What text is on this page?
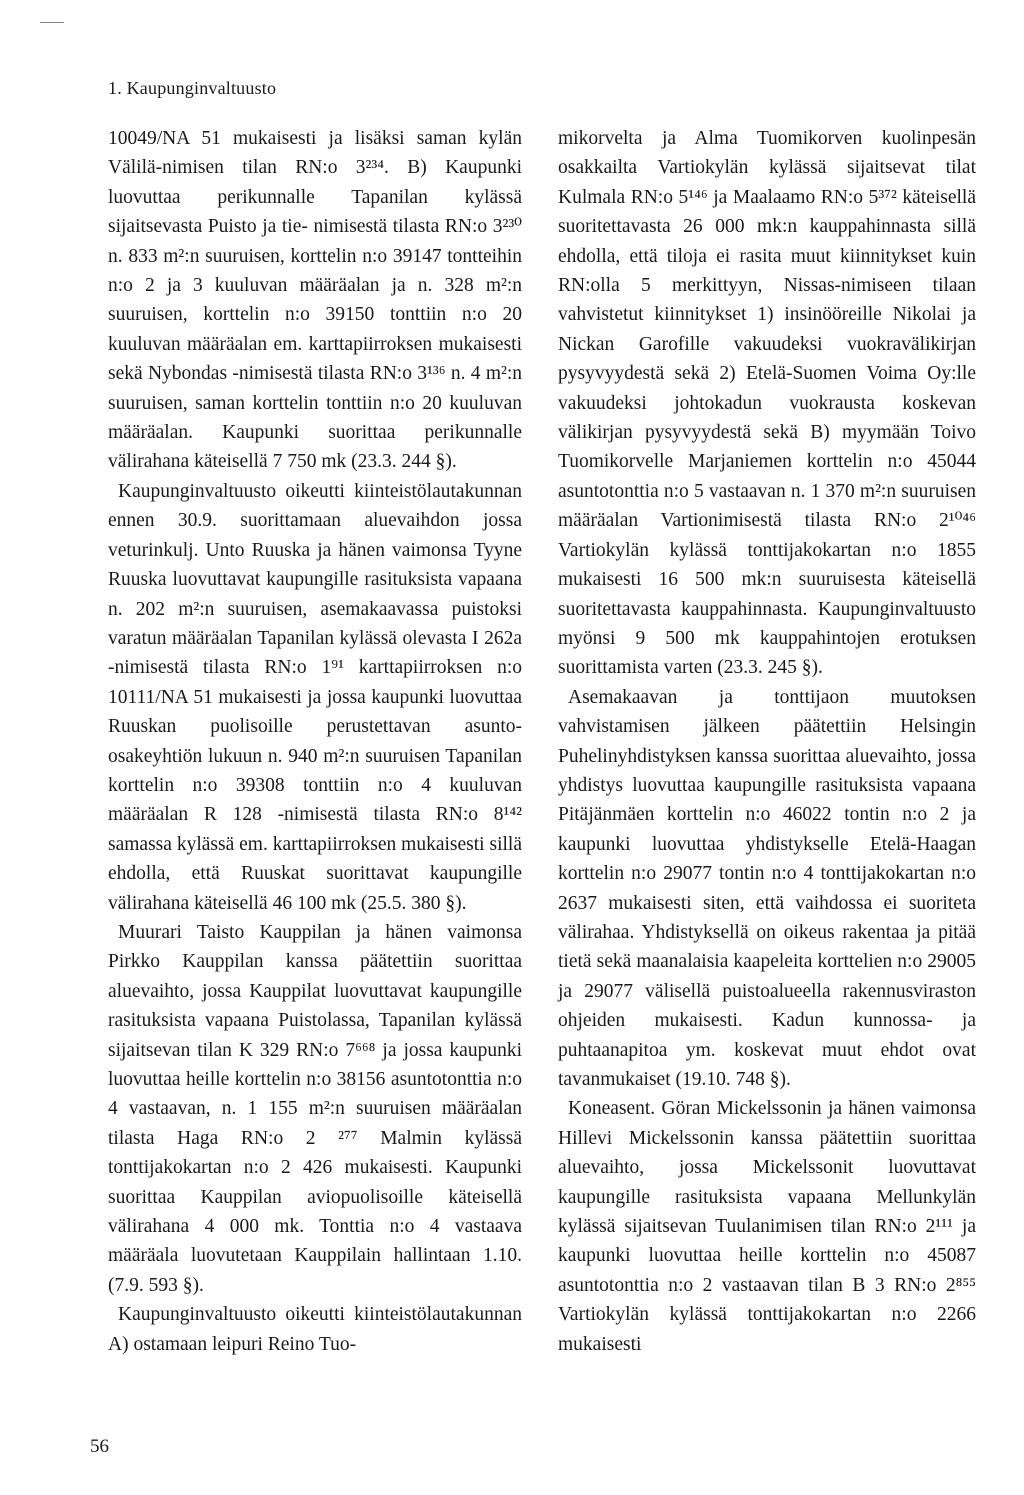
1. Kaupunginvaltuusto

10049/NA 51 mukaisesti ja lisäksi saman kylän Välilä-nimisen tilan RN:o 3²³⁴. B) Kaupunki luovuttaa perikunnalle Tapanilan kylässä sijaitsevasta Puisto ja tie- nimisestä tilasta RN:o 3²³⁰ n. 833 m²:n suuruisen, korttelin n:o 39147 tontteihin n:o 2 ja 3 kuuluvan määräalan ja n. 328 m²:n suuruisen, korttelin n:o 39150 tonttiin n:o 20 kuuluvan määräalan em. karttapiirroksen mukaisesti sekä Nybondas -nimisestä tilasta RN:o 3¹³⁶ n. 4 m²:n suuruisen, saman korttelin tonttiin n:o 20 kuuluvan määräalan. Kaupunki suorittaa perikunnalle välirahana käteisellä 7 750 mk (23.3. 244 §).

Kaupunginvaltuusto oikeutti kiinteistölautakunnan ennen 30.9. suorittamaan aluevaihdon jossa veturinkulj. Unto Ruuska ja hänen vaimonsa Tyyne Ruuska luovuttavat kaupungille rasituksista vapaana n. 202 m²:n suuruisen, asemakaavassa puistoksi varatun määräalan Tapanilan kylässä olevasta I 262a -nimisestä tilasta RN:o 1⁹¹ karttapiirroksen n:o 10111/NA 51 mukaisesti ja jossa kaupunki luovuttaa Ruuskan puolisoille perustettavan asunto-osakeyhtiön lukuun n. 940 m²:n suuruisen Tapanilan korttelin n:o 39308 tonttiin n:o 4 kuuluvan määräalan R 128 -nimisestä tilasta RN:o 8¹⁴² samassa kylässä em. karttapiirroksen mukaisesti sillä ehdolla, että Ruuskat suorittavat kaupungille välirahana käteisellä 46 100 mk (25.5. 380 §).

Muurari Taisto Kauppilan ja hänen vaimonsa Pirkko Kauppilan kanssa päätettiin suorittaa aluevaihto, jossa Kauppilat luovuttavat kaupungille rasituksista vapaana Puistolassa, Tapanilan kylässä sijaitsevan tilan K 329 RN:o 7⁶⁶⁸ ja jossa kaupunki luovuttaa heille korttelin n:o 38156 asuntotonttia n:o 4 vastaavan, n. 1 155 m²:n suuruisen määräalan tilasta Haga RN:o 2 ²⁷⁷ Malmin kylässä tonttijakokartan n:o 2 426 mukaisesti. Kaupunki suorittaa Kauppilan aviopuolisoille käteisellä välirahana 4 000 mk. Tonttia n:o 4 vastaava määräala luovutetaan Kauppilain hallintaan 1.10. (7.9. 593 §).

Kaupunginvaltuusto oikeutti kiinteistölautakunnan A) ostamaan leipuri Reino Tuo-

mikorvelta ja Alma Tuomikorven kuolinpesän osakkailta Vartiokylän kylässä sijaitsevat tilat Kulmala RN:o 5¹⁴⁶ ja Maalaamo RN:o 5³⁷² käteisellä suoritettavasta 26 000 mk:n kauppahinnasta sillä ehdolla, että tiloja ei rasita muut kiinnitykset kuin RN:olla 5 merkittyyn, Nissas-nimiseen tilaan vahvistetut kiinnitykset 1) insinööreille Nikolai ja Nickan Garofille vakuudeksi vuokravälikirjan pysyvyydestä sekä 2) Etelä-Suomen Voima Oy:lle vakuudeksi johtokadun vuokrausta koskevan välikirjan pysyvyydestä sekä B) myymään Toivo Tuomikorvelle Marjaniemen korttelin n:o 45044 asuntotonttia n:o 5 vastaavan n. 1 370 m²:n suuruisen määräalan Vartionimisestä tilasta RN:o 2¹⁰⁴⁶ Vartiokylän kylässä tonttijakokartan n:o 1855 mukaisesti 16 500 mk:n suuruisesta käteisellä suoritettavasta kauppahinnasta. Kaupunginvaltuusto myönsi 9 500 mk kauppahintojen erotuksen suorittamista varten (23.3. 245 §).

Asemakaavan ja tonttijaon muutoksen vahvistamisen jälkeen päätettiin Helsingin Puhelinyhdistyksen kanssa suorittaa aluevaihto, jossa yhdistys luovuttaa kaupungille rasituksista vapaana Pitäjänmäen korttelin n:o 46022 tontin n:o 2 ja kaupunki luovuttaa yhdistykselle Etelä-Haagan korttelin n:o 29077 tontin n:o 4 tonttijakokartan n:o 2637 mukaisesti siten, että vaihdossa ei suoriteta välirahaa. Yhdistyksellä on oikeus rakentaa ja pitää tietä sekä maanalaisia kaapeleita korttelien n:o 29005 ja 29077 välisellä puistoalueella rakennusviraston ohjeiden mukaisesti. Kadun kunnossa- ja puhtaanapitoa ym. koskevat muut ehdot ovat tavanmukaiset (19.10. 748 §).

Koneasent. Göran Mickelssonin ja hänen vaimonsa Hillevi Mickelssonin kanssa päätettiin suorittaa aluevaihto, jossa Mickelssonit luovuttavat kaupungille rasituksista vapaana Mellunkylän kylässä sijaitsevan Tuulanimisen tilan RN:o 2¹¹¹ ja kaupunki luovuttaa heille korttelin n:o 45087 asuntotonttia n:o 2 vastaavan tilan B 3 RN:o 2⁸⁵⁵ Vartiokylän kylässä tonttijakokartan n:o 2266 mukaisesti

56
